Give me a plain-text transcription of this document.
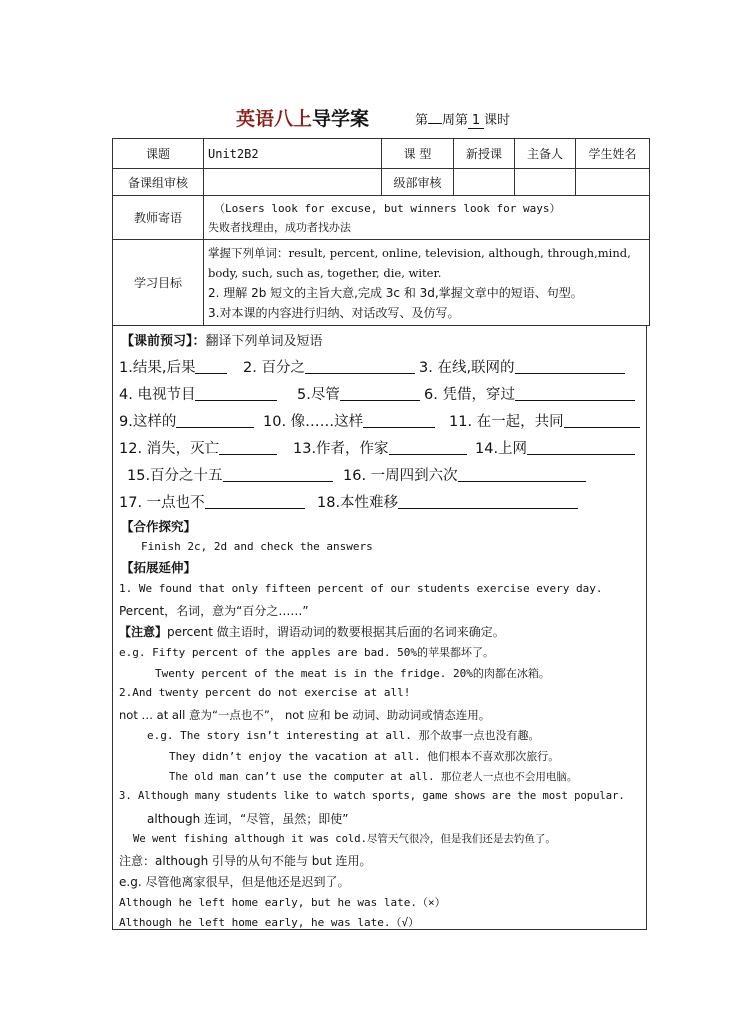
英语八上导学案	第 周第 1 课时
课题	Unit2B2	课 型	新授课	主备人	学生姓名
备课组审核		级部审核			
教师寄语	（Losers look for excuse, but winners look for ways）
失败者找理由，成功者找办法				

学习目标	掌握下列单词：result, percent, online, television, although, through,mind,
body, such, such as, together, die, witer.
2. 理解 2b 短文的主旨大意,完成 3c 和 3d,掌握文章中的短语、句型。
3.对本课的内容进行归纳、对话改写、及仿写。				
【课前预习】：翻译下列单词及短语
1.结果,后果	2. 百分之	3. 在线,联网的
4. 电视节目	5.尽管	6. 凭借，穿过
9.这样的	10. 像……这样	11. 在一起，共同
12. 消失，灭亡	13.作者，作家	14.上网
15.百分之十五	16. 一周四到六次
17. 一点也不	18.本性难移
【合作探究】
Finish 2c, 2d and check the answers
【拓展延伸】
1. We found that only fifteen percent of our students exercise every day.
Percent，名词，意为“百分之……”
【注意】percent 做主语时，谓语动词的数要根据其后面的名词来确定。
e.g. Fifty percent of the apples are bad. 50%的苹果都坏了。
Twenty percent of the meat is in the fridge. 20%的肉都在冰箱。
2.And twenty percent do not exercise at all!
not … at all 意为“一点也不”， not 应和 be 动词、助动词或情态连用。
e.g. The story isn’t interesting at all. 那个故事一点也没有趣。
They didn’t enjoy the vacation at all. 他们根本不喜欢那次旅行。
The old man can’t use the computer at all. 那位老人一点也不会用电脑。
3. Although many students like to watch sports, game shows are the most popular.
although 连词，“尽管，虽然；即使”
We went fishing although it was cold.尽管天气很冷，但是我们还是去钓鱼了。
注意：although 引导的从句不能与 but 连用。
e.g. 尽管他离家很早，但是他还是迟到了。
Although he left home early, but he was late.（×）
Although he left home early, he was late.（√）
